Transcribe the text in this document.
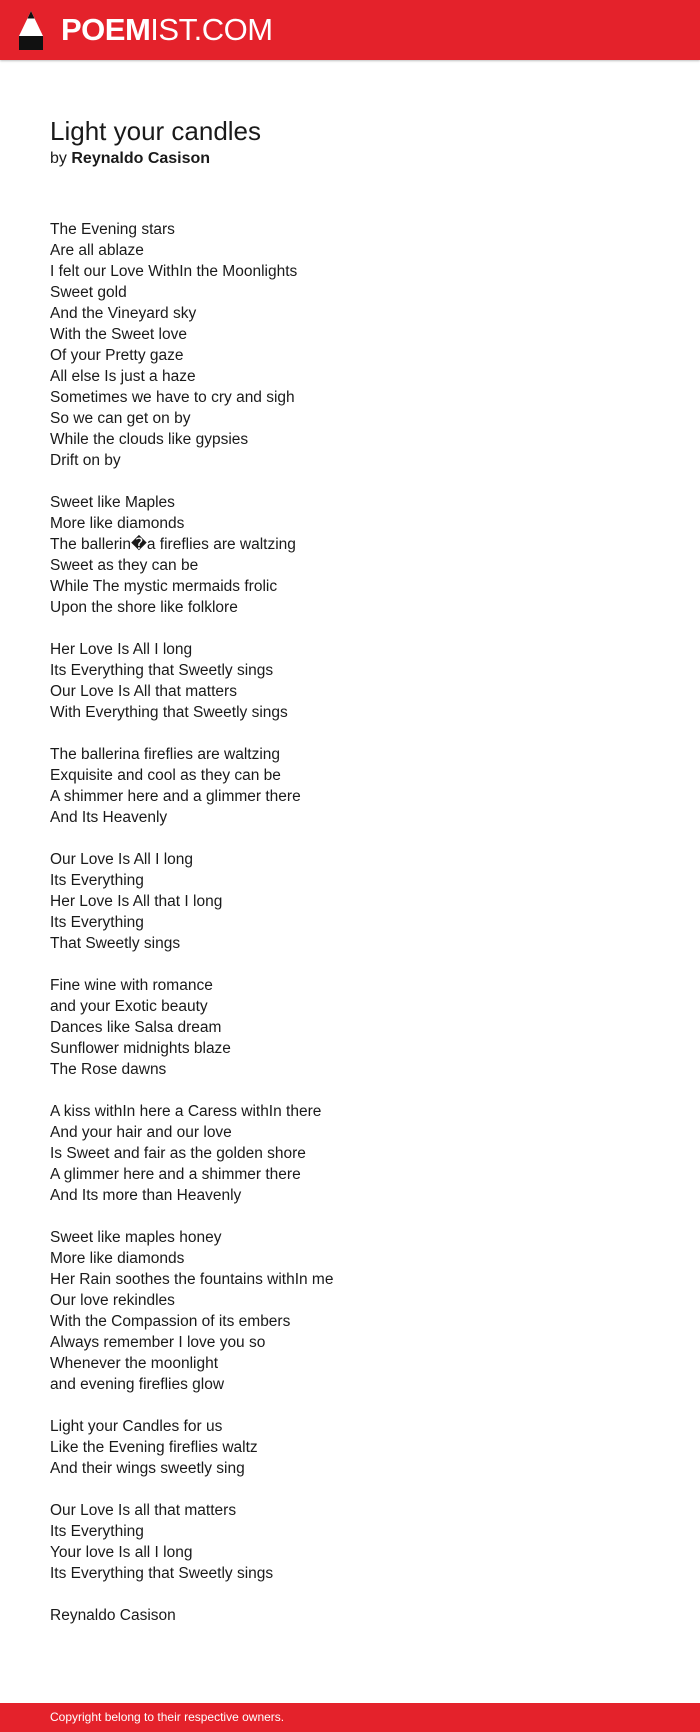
POEMIST.COM
Light your candles
by Reynaldo Casison
The Evening stars
Are all ablaze
I felt our Love WithIn the Moonlights
Sweet gold
And the Vineyard sky
With the Sweet love
Of your Pretty gaze
All else Is just a haze
Sometimes we have to cry and sigh
So we can get on by
While the clouds like gypsies
Drift on by
Sweet like Maples
More like diamonds
The ballerin�a fireflies are waltzing
Sweet as they can be
While The mystic mermaids frolic
Upon the shore like folklore
Her Love Is All I long
Its Everything that Sweetly sings
Our Love Is All that matters
With Everything that Sweetly sings
The ballerina fireflies are waltzing
Exquisite and cool as they can be
A shimmer here and a glimmer there
And Its Heavenly
Our Love Is All I long
Its Everything
Her Love Is All that I long
Its Everything
That Sweetly sings
Fine wine with romance
and your Exotic beauty
Dances like Salsa dream
Sunflower midnights blaze
The Rose dawns
A kiss withIn here a Caress withIn there
And your hair and our love
Is Sweet and fair as the golden shore
A glimmer here and a shimmer there
And Its more than Heavenly
Sweet like maples honey
More like diamonds
Her Rain soothes the fountains withIn me
Our love rekindles
With the Compassion of its embers
Always remember I love you so
Whenever the moonlight
and evening fireflies glow
Light your Candles for us
Like the Evening fireflies waltz
And their wings sweetly sing
Our Love Is all that matters
Its Everything
Your love Is all I long
Its Everything that Sweetly sings
Reynaldo Casison
Copyright belong to their respective owners.
